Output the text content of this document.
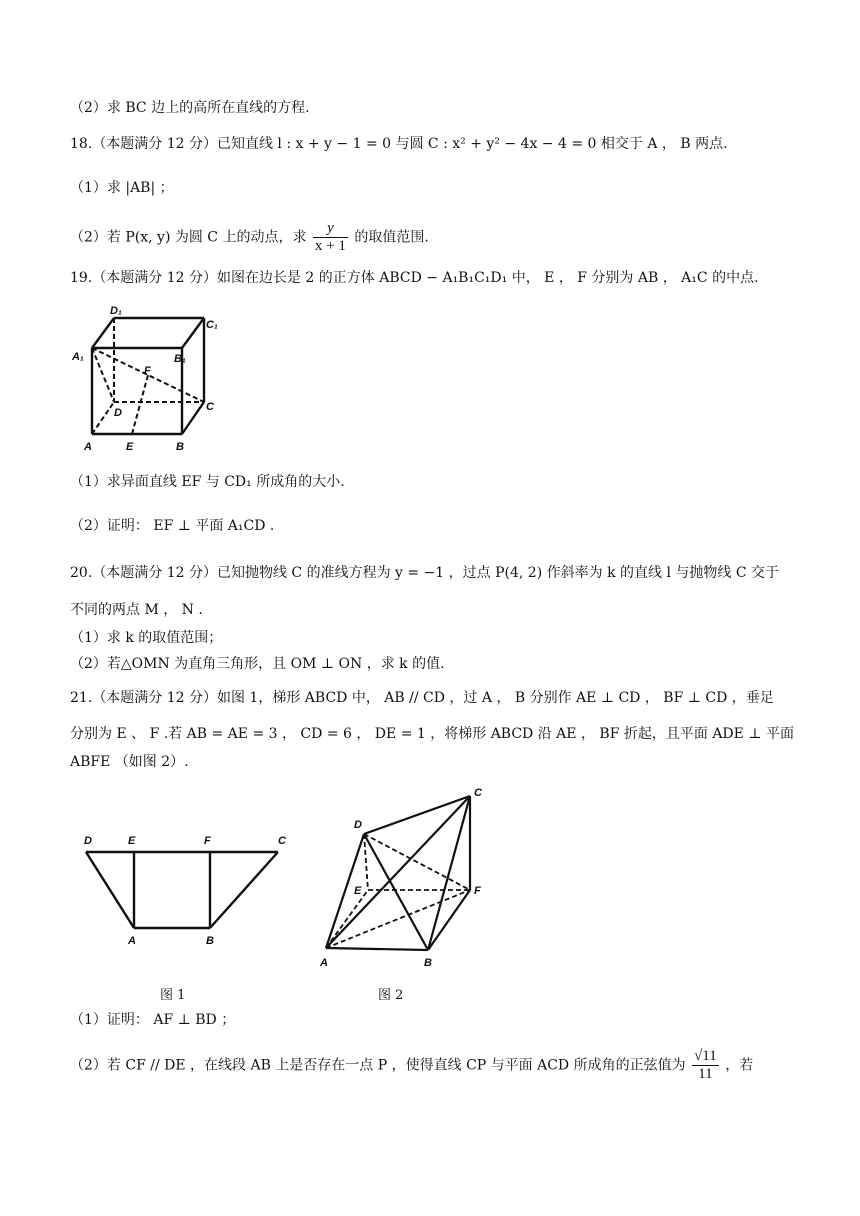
（2）求 BC 边上的高所在直线的方程.
18.（本题满分 12 分）已知直线 l : x + y − 1 = 0 与圆 C : x² + y² − 4x − 4 = 0 相交于 A ， B 两点.
（1）求 |AB| ；
（2）若 P(x, y) 为圆 C 上的动点，求 $\frac{y}{x + 1}$ 的取值范围.
19.（本题满分 12 分）如图在边长是 2 的正方体 ABCD − A₁B₁C₁D₁ 中， E ， F 分别为 AB ， A₁C 的中点.
D₁
C₁
A₁	B₁
F
D	C
A	E	B
（1）求异面直线 EF 与 CD₁ 所成角的大小.
（2）证明： EF ⊥ 平面 A₁CD .
20.（本题满分 12 分）已知抛物线 C 的准线方程为 y = −1 ，过点 P(4, 2) 作斜率为 k 的直线 l 与抛物线 C 交于
不同的两点 M ， N .
（1）求 k 的取值范围；
（2）若△OMN 为直角三角形，且 OM ⊥ ON ，求 k 的值.
21.（本题满分 12 分）如图 1，梯形 ABCD 中， AB // CD ，过 A ， B 分别作 AE ⊥ CD ， BF ⊥ CD ，垂足
分别为 E 、 F .若 AB = AE = 3 ， CD = 6 ， DE = 1 ，将梯形 ABCD 沿 AE ， BF 折起，且平面 ADE ⊥ 平面
ABFE （如图 2）.
D	E	F	C
A	B
图 1
C
D
E	F
A	B
图 2
（1）证明： AF ⊥ BD ；
（2）若 CF // DE ，在线段 AB 上是否存在一点 P ，使得直线 CP 与平面 ACD 所成角的正弦值为 $\frac{√11}{11}$ ，若
